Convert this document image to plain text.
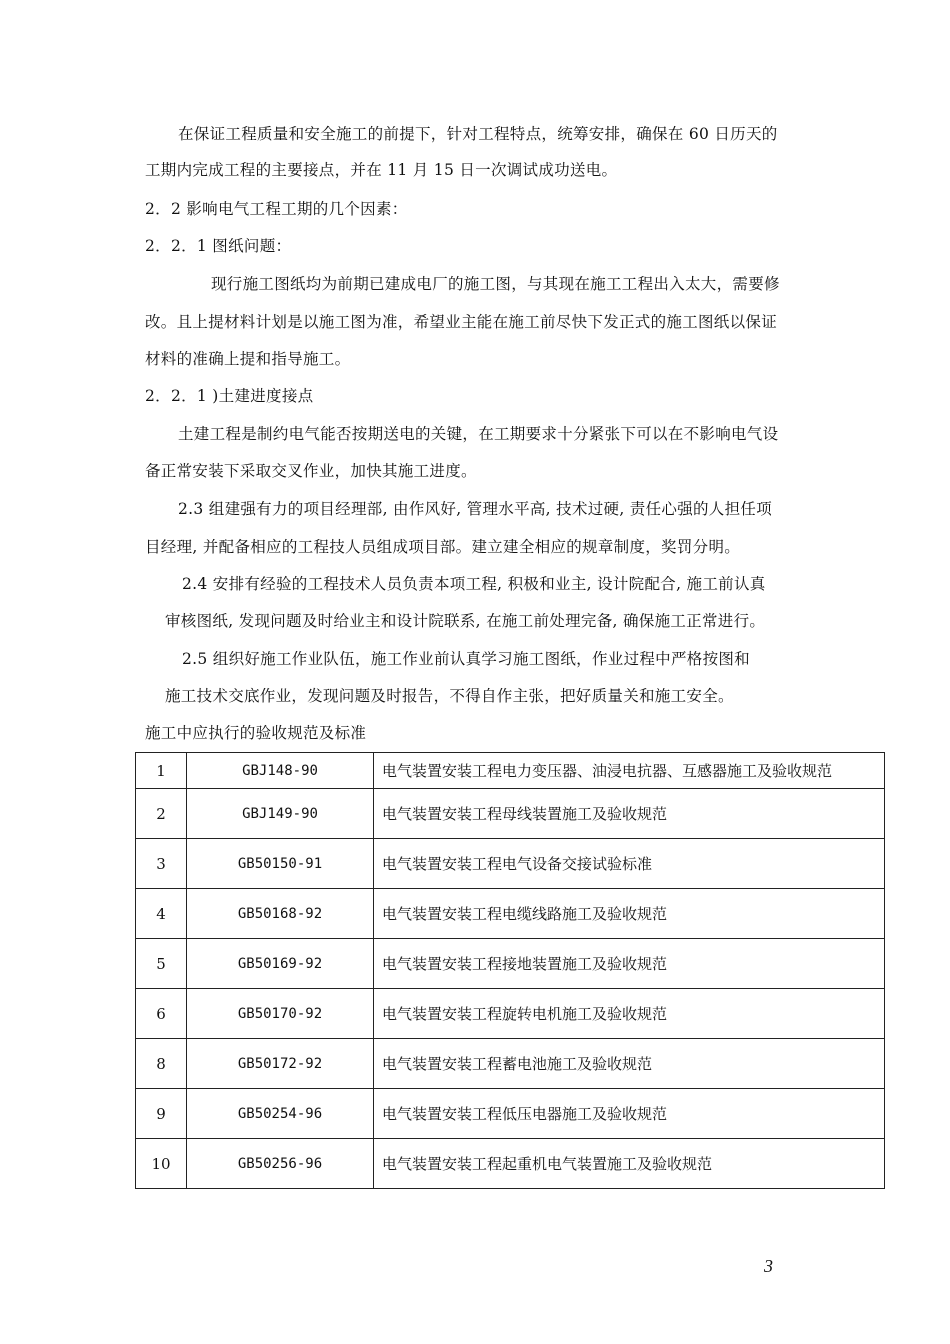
在保证工程质量和安全施工的前提下，针对工程特点，统筹安排，确保在 60 日历天的
工期内完成工程的主要接点，并在 11 月 15 日一次调试成功送电。
2．2 影响电气工程工期的几个因素：
2．2．1 图纸问题：
现行施工图纸均为前期已建成电厂的施工图，与其现在施工工程出入太大，需要修
改。且上提材料计划是以施工图为准，希望业主能在施工前尽快下发正式的施工图纸以保证
材料的准确上提和指导施工。
2．2．1 )土建进度接点
土建工程是制约电气能否按期送电的关键，在工期要求十分紧张下可以在不影响电气设
备正常安装下采取交叉作业，加快其施工进度。
2.3 组建强有力的项目经理部, 由作风好, 管理水平高, 技术过硬, 责任心强的人担任项
目经理, 并配备相应的工程技人员组成项目部。建立建全相应的规章制度，奖罚分明。
2.4 安排有经验的工程技术人员负责本项工程, 积极和业主, 设计院配合, 施工前认真
审核图纸, 发现问题及时给业主和设计院联系, 在施工前处理完备, 确保施工正常进行。
2.5 组织好施工作业队伍，施工作业前认真学习施工图纸，作业过程中严格按图和
施工技术交底作业，发现问题及时报告，不得自作主张，把好质量关和施工安全。
施工中应执行的验收规范及标准
1	GBJ148-90	电气装置安装工程电力变压器、油浸电抗器、互感器施工及验收规范
2	GBJ149-90	电气装置安装工程母线装置施工及验收规范
3	GB50150-91	电气装置安装工程电气设备交接试验标准
4	GB50168-92	电气装置安装工程电缆线路施工及验收规范
5	GB50169-92	电气装置安装工程接地装置施工及验收规范
6	GB50170-92	电气装置安装工程旋转电机施工及验收规范
8	GB50172-92	电气装置安装工程蓄电池施工及验收规范
9	GB50254-96	电气装置安装工程低压电器施工及验收规范
10	GB50256-96	电气装置安装工程起重机电气装置施工及验收规范
3
